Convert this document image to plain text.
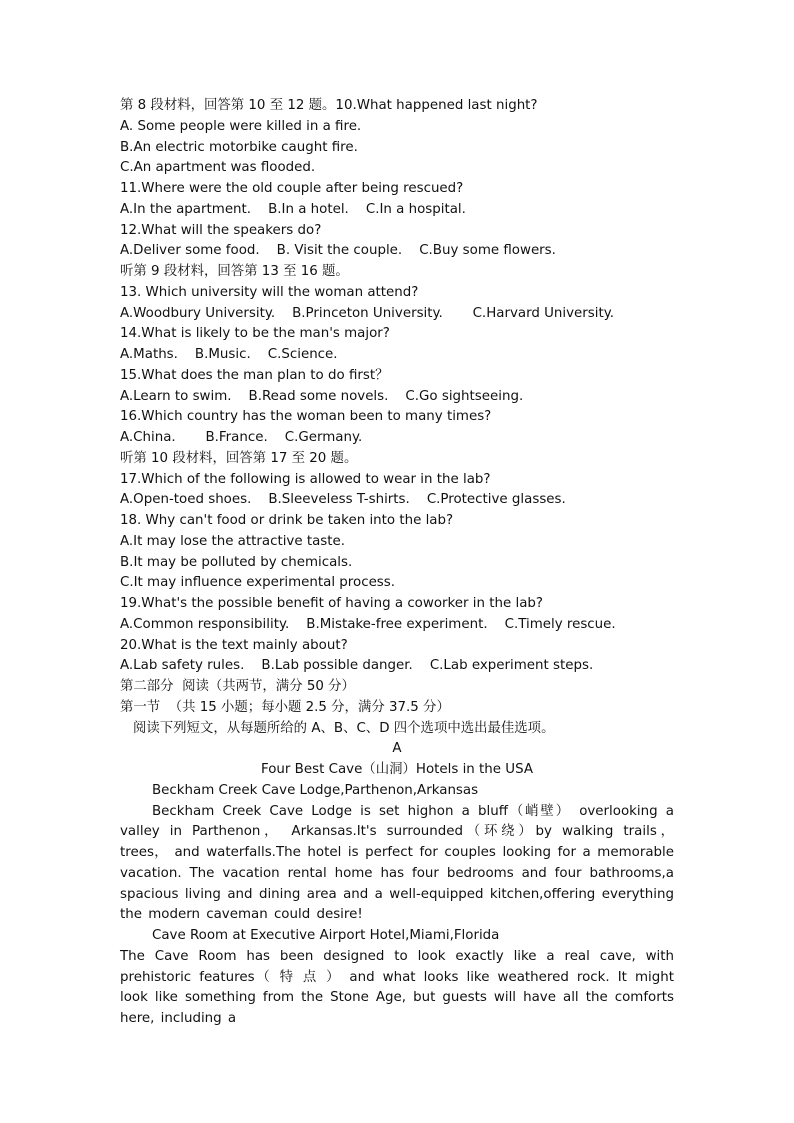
第 8 段材料，回答第 10 至 12 题。10.What happened last night?
A. Some people were killed in a fire.
B.An electric motorbike caught fire.
C.An apartment was flooded.
11.Where were the old couple after being rescued?
A.In the apartment.    B.In a hotel.    C.In a hospital.
12.What will the speakers do?
A.Deliver some food.    B. Visit the couple.    C.Buy some flowers.
听第 9 段材料，回答第 13 至 16 题。
13. Which university will the woman attend?
A.Woodbury University.    B.Princeton University.       C.Harvard University.
14.What is likely to be the man's major?
A.Maths.    B.Music.    C.Science.
15.What does the man plan to do first？
A.Learn to swim.    B.Read some novels.    C.Go sightseeing.
16.Which country has the woman been to many times?
A.China.       B.France.    C.Germany.
听第 10 段材料，回答第 17 至 20 题。
17.Which of the following is allowed to wear in the lab?
A.Open-toed shoes.    B.Sleeveless T-shirts.    C.Protective glasses.
18. Why can't food or drink be taken into the lab?
A.It may lose the attractive taste.
B.It may be polluted by chemicals.
C.It may influence experimental process.
19.What's the possible benefit of having a coworker in the lab?
A.Common responsibility.    B.Mistake-free experiment.    C.Timely rescue.
20.What is the text mainly about?
A.Lab safety rules.    B.Lab possible danger.    C.Lab experiment steps.
第二部分  阅读（共两节，满分 50 分）
第一节  （共 15 小题；每小题 2.5 分，满分 37.5 分）
阅读下列短文，从每题所给的 A、B、C、D 四个选项中选出最佳选项。
A
Four Best Cave（山洞）Hotels in the USA
Beckham Creek Cave Lodge,Parthenon,Arkansas
Beckham Creek Cave Lodge is set highon a bluff（峭壁） overlooking a valley in Parthenon， Arkansas.It's surrounded（环绕）by walking trails， trees， and waterfalls.The hotel is perfect for couples looking for a memorable vacation. The vacation rental home has four bedrooms and four bathrooms,a spacious living and dining area and a well-equipped kitchen,offering everything the modern caveman could desire!
Cave Room at Executive Airport Hotel,Miami,Florida
The Cave Room has been designed to look exactly like a real cave, with prehistoric features（ 特 点 ） and what looks like weathered rock. It might look like something from the Stone Age, but guests will have all the comforts here, including a
